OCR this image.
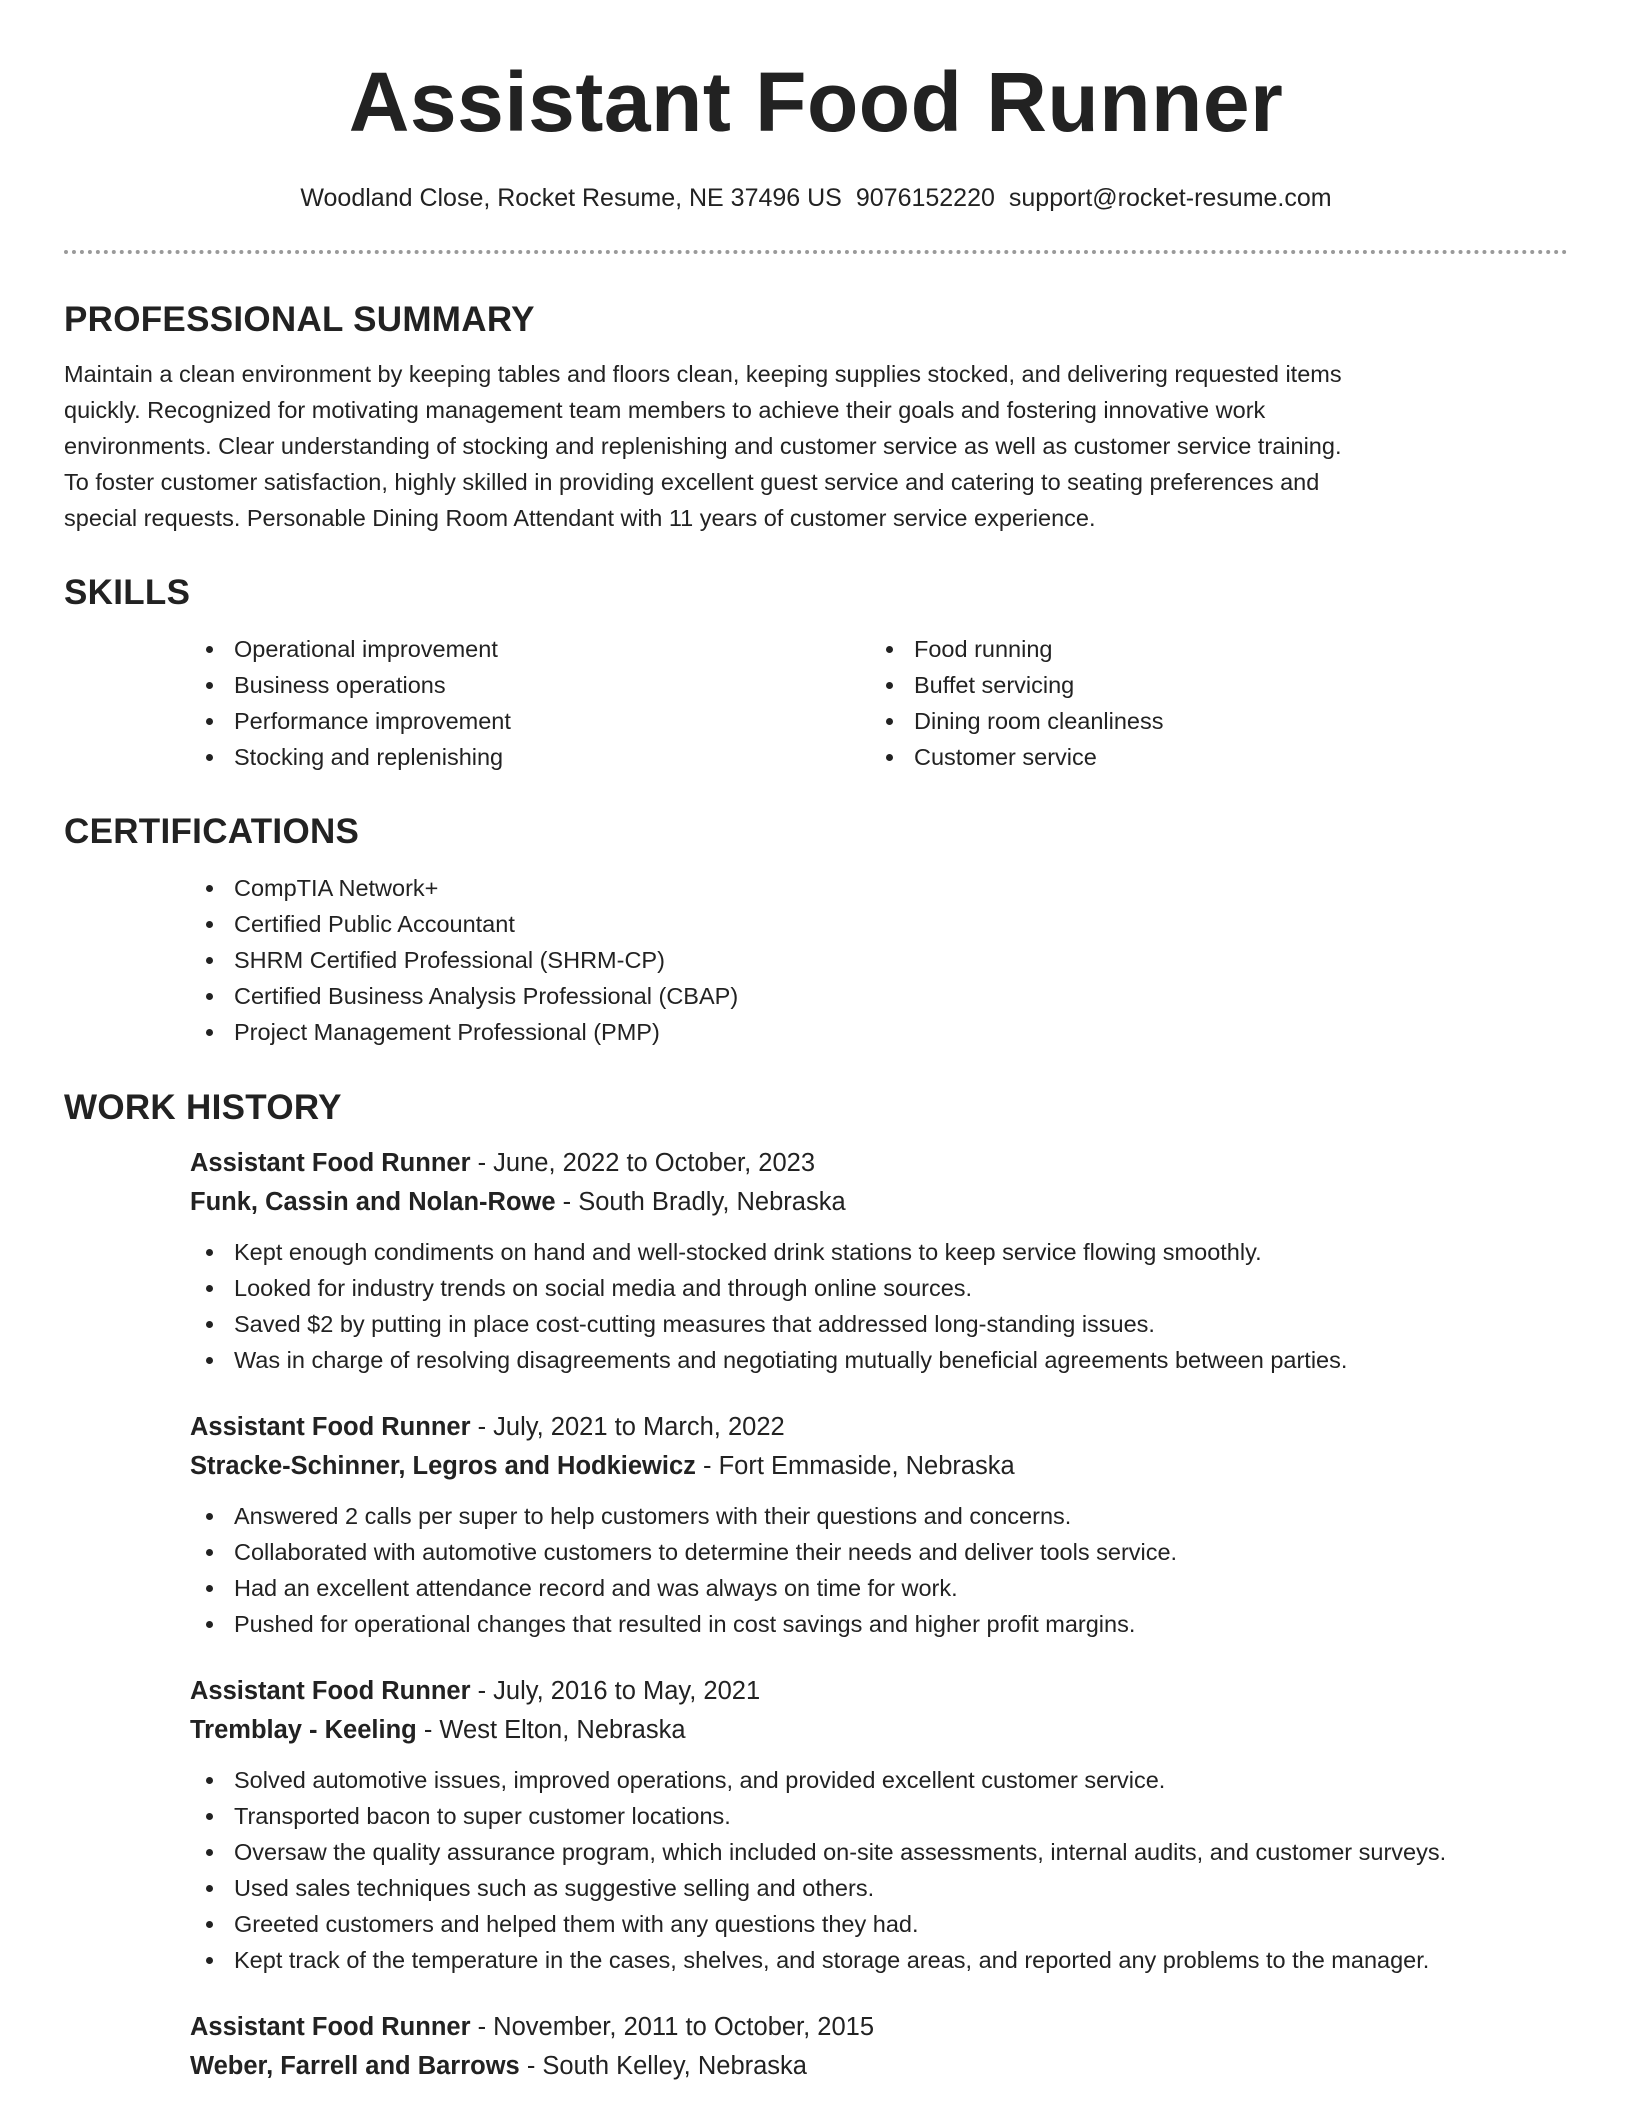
Assistant Food Runner
Woodland Close, Rocket Resume, NE 37496 US 9076152220 support@rocket-resume.com
PROFESSIONAL SUMMARY
Maintain a clean environment by keeping tables and floors clean, keeping supplies stocked, and delivering requested items
quickly. Recognized for motivating management team members to achieve their goals and fostering innovative work
environments. Clear understanding of stocking and replenishing and customer service as well as customer service training.
To foster customer satisfaction, highly skilled in providing excellent guest service and catering to seating preferences and
special requests. Personable Dining Room Attendant with 11 years of customer service experience.
SKILLS
Operational improvement
Business operations
Performance improvement
Stocking and replenishing
Food running
Buffet servicing
Dining room cleanliness
Customer service
CERTIFICATIONS
CompTIA Network+
Certified Public Accountant
SHRM Certified Professional (SHRM-CP)
Certified Business Analysis Professional (CBAP)
Project Management Professional (PMP)
WORK HISTORY
Assistant Food Runner - June, 2022 to October, 2023
Funk, Cassin and Nolan-Rowe - South Bradly, Nebraska
Kept enough condiments on hand and well-stocked drink stations to keep service flowing smoothly.
Looked for industry trends on social media and through online sources.
Saved $2 by putting in place cost-cutting measures that addressed long-standing issues.
Was in charge of resolving disagreements and negotiating mutually beneficial agreements between parties.
Assistant Food Runner - July, 2021 to March, 2022
Stracke-Schinner, Legros and Hodkiewicz - Fort Emmaside, Nebraska
Answered 2 calls per super to help customers with their questions and concerns.
Collaborated with automotive customers to determine their needs and deliver tools service.
Had an excellent attendance record and was always on time for work.
Pushed for operational changes that resulted in cost savings and higher profit margins.
Assistant Food Runner - July, 2016 to May, 2021
Tremblay - Keeling - West Elton, Nebraska
Solved automotive issues, improved operations, and provided excellent customer service.
Transported bacon to super customer locations.
Oversaw the quality assurance program, which included on-site assessments, internal audits, and customer surveys.
Used sales techniques such as suggestive selling and others.
Greeted customers and helped them with any questions they had.
Kept track of the temperature in the cases, shelves, and storage areas, and reported any problems to the manager.
Assistant Food Runner - November, 2011 to October, 2015
Weber, Farrell and Barrows - South Kelley, Nebraska
